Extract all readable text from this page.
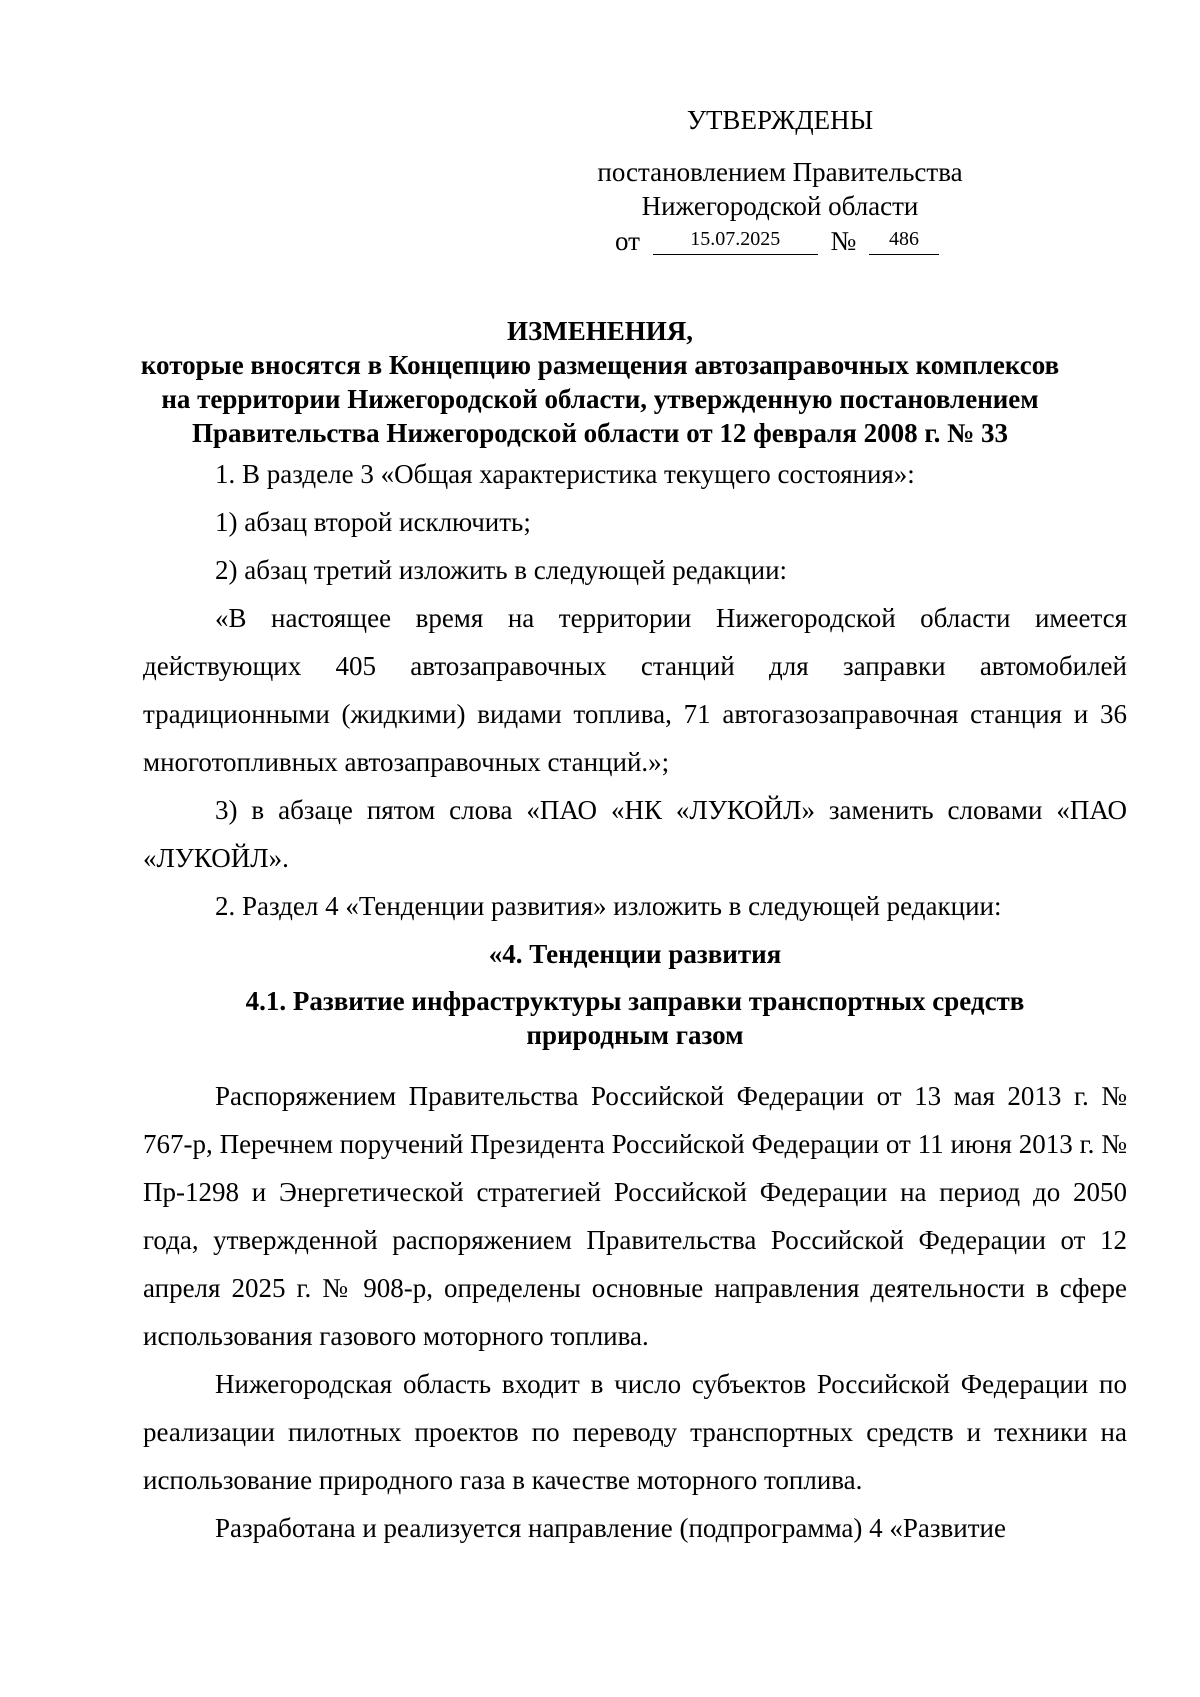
УТВЕРЖДЕНЫ
постановлением Правительства
Нижегородской области
от	15.07.2025 № 486
ИЗМЕНЕНИЯ,
которые вносятся в Концепцию размещения автозаправочных комплексов
на территории Нижегородской области, утвержденную постановлением
Правительства Нижегородской области от 12 февраля 2008 г. № 33

1. В разделе 3 «Общая характеристика текущего состояния»:

1) абзац второй исключить;

2) абзац третий изложить в следующей редакции:

«В настоящее время на территории Нижегородской области имеется действующих 405 автозаправочных станций для заправки автомобилей традиционными (жидкими) видами топлива, 71 автогазозаправочная станция и 36 многотопливных автозаправочных станций.»;

3) в абзаце пятом слова «ПАО «НК «ЛУКОЙЛ» заменить словами «ПАО «ЛУКОЙЛ».

2. Раздел 4 «Тенденции развития» изложить в следующей редакции:

«4. Тенденции развития

4.1. Развитие инфраструктуры заправки транспортных средств
природным газом

Распоряжением Правительства Российской Федерации от 13 мая 2013 г. № 767-р, Перечнем поручений Президента Российской Федерации от 11 июня 2013 г. № Пр-1298 и Энергетической стратегией Российской Федерации на период до 2050 года, утвержденной распоряжением Правительства Российской Федерации от 12 апреля 2025 г. № 908-р, определены основные направления деятельности в сфере использования газового моторного топлива.

Нижегородская область входит в число субъектов Российской Федерации по реализации пилотных проектов по переводу транспортных средств и техники на использование природного газа в качестве моторного топлива.

Разработана и реализуется направление (подпрограмма) 4 «Развитие
